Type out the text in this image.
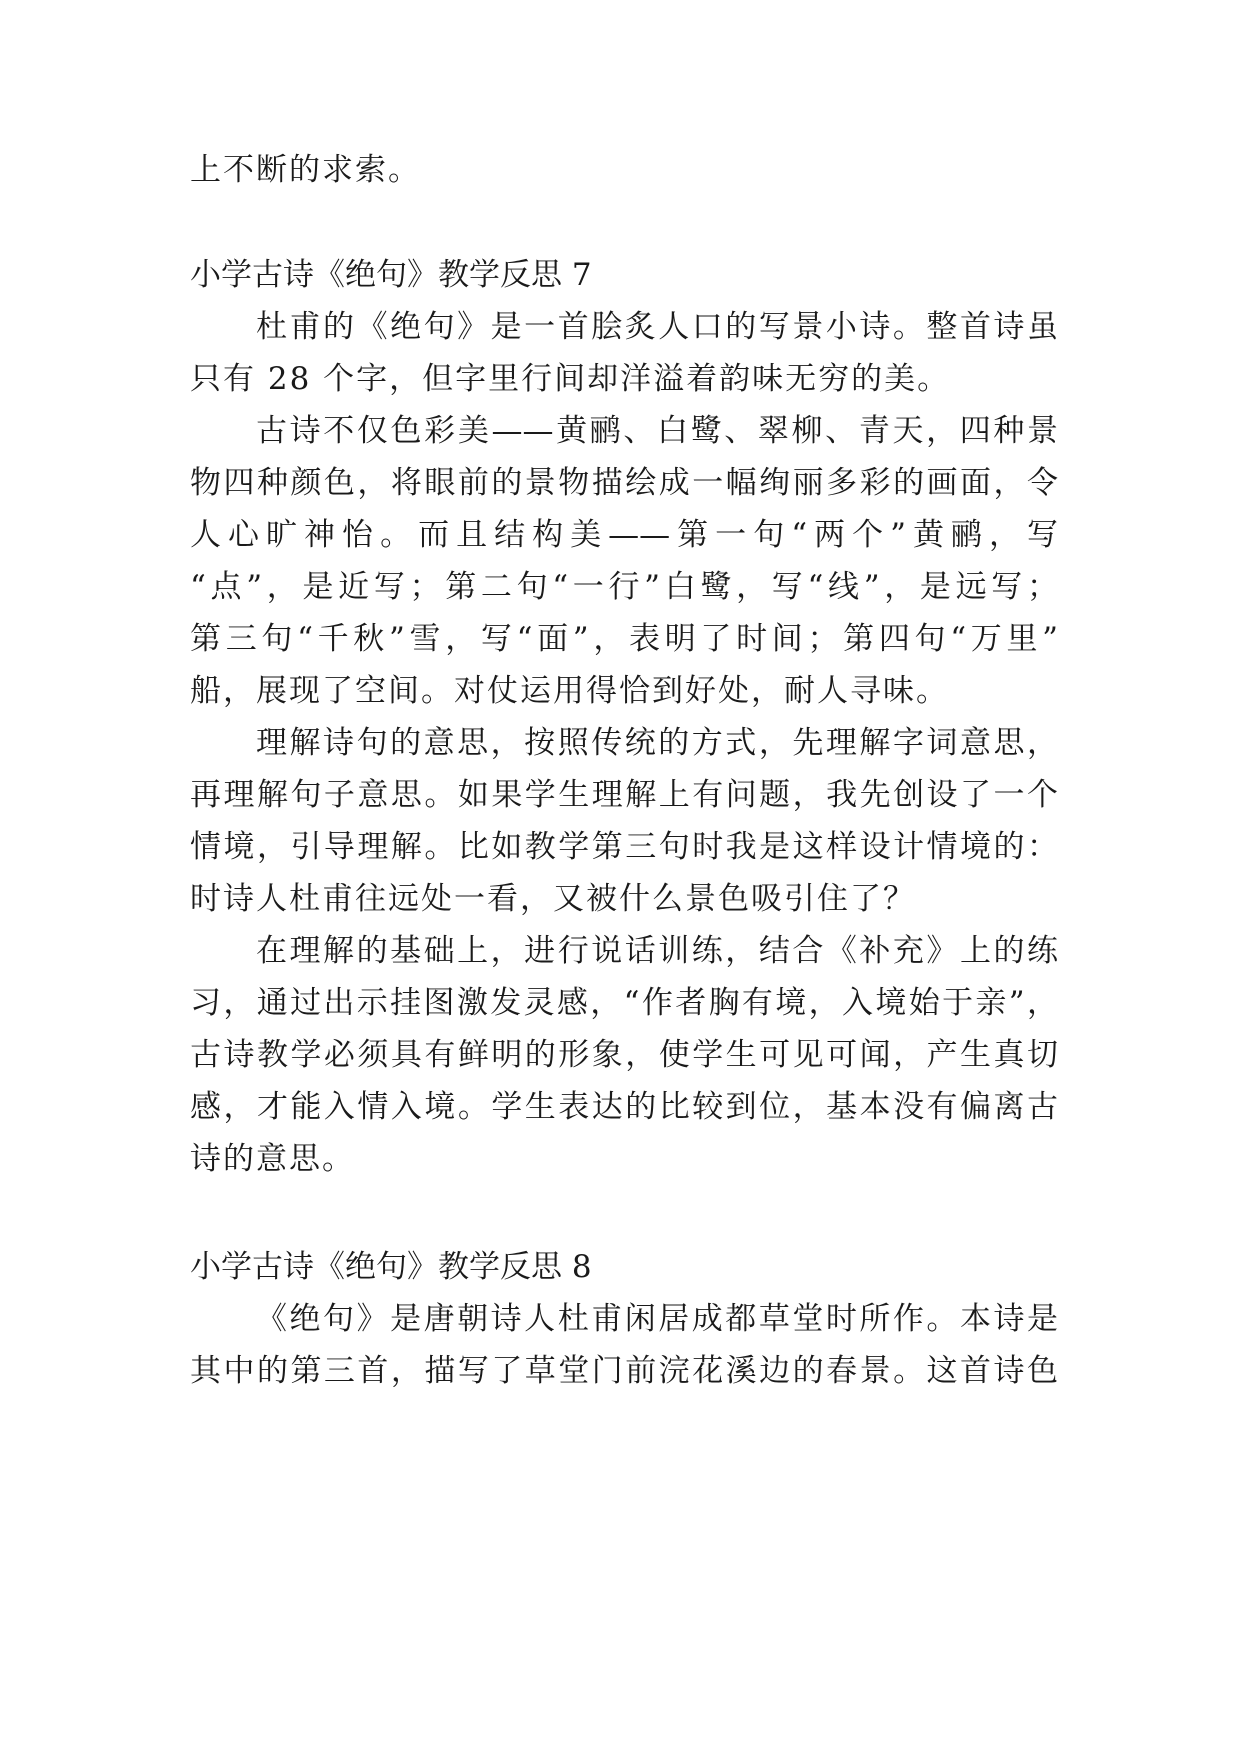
上不断的求索。
小学古诗《绝句》教学反思 7
杜甫的《绝句》是一首脍炙人口的写景小诗。整首诗虽
只有 28 个字，但字里行间却洋溢着韵味无穷的美。
古诗不仅色彩美——黄鹂、白鹭、翠柳、青天，四种景
物四种颜色，将眼前的景物描绘成一幅绚丽多彩的画面，令
人心旷神怡。而且结构美——第一句“两个”黄鹂，写
“点”，是近写；第二句“一行”白鹭，写“线”，是远写；
第三句“千秋”雪，写“面”，表明了时间；第四句“万里”
船，展现了空间。对仗运用得恰到好处，耐人寻味。
理解诗句的意思，按照传统的方式，先理解字词意思，
再理解句子意思。如果学生理解上有问题，我先创设了一个
情境，引导理解。比如教学第三句时我是这样设计情境的：
时诗人杜甫往远处一看，又被什么景色吸引住了？
在理解的基础上，进行说话训练，结合《补充》上的练
习，通过出示挂图激发灵感，“作者胸有境，入境始于亲”，
古诗教学必须具有鲜明的形象，使学生可见可闻，产生真切
感，才能入情入境。学生表达的比较到位，基本没有偏离古
诗的意思。
小学古诗《绝句》教学反思 8
《绝句》是唐朝诗人杜甫闲居成都草堂时所作。本诗是
其中的第三首，描写了草堂门前浣花溪边的春景。这首诗色
